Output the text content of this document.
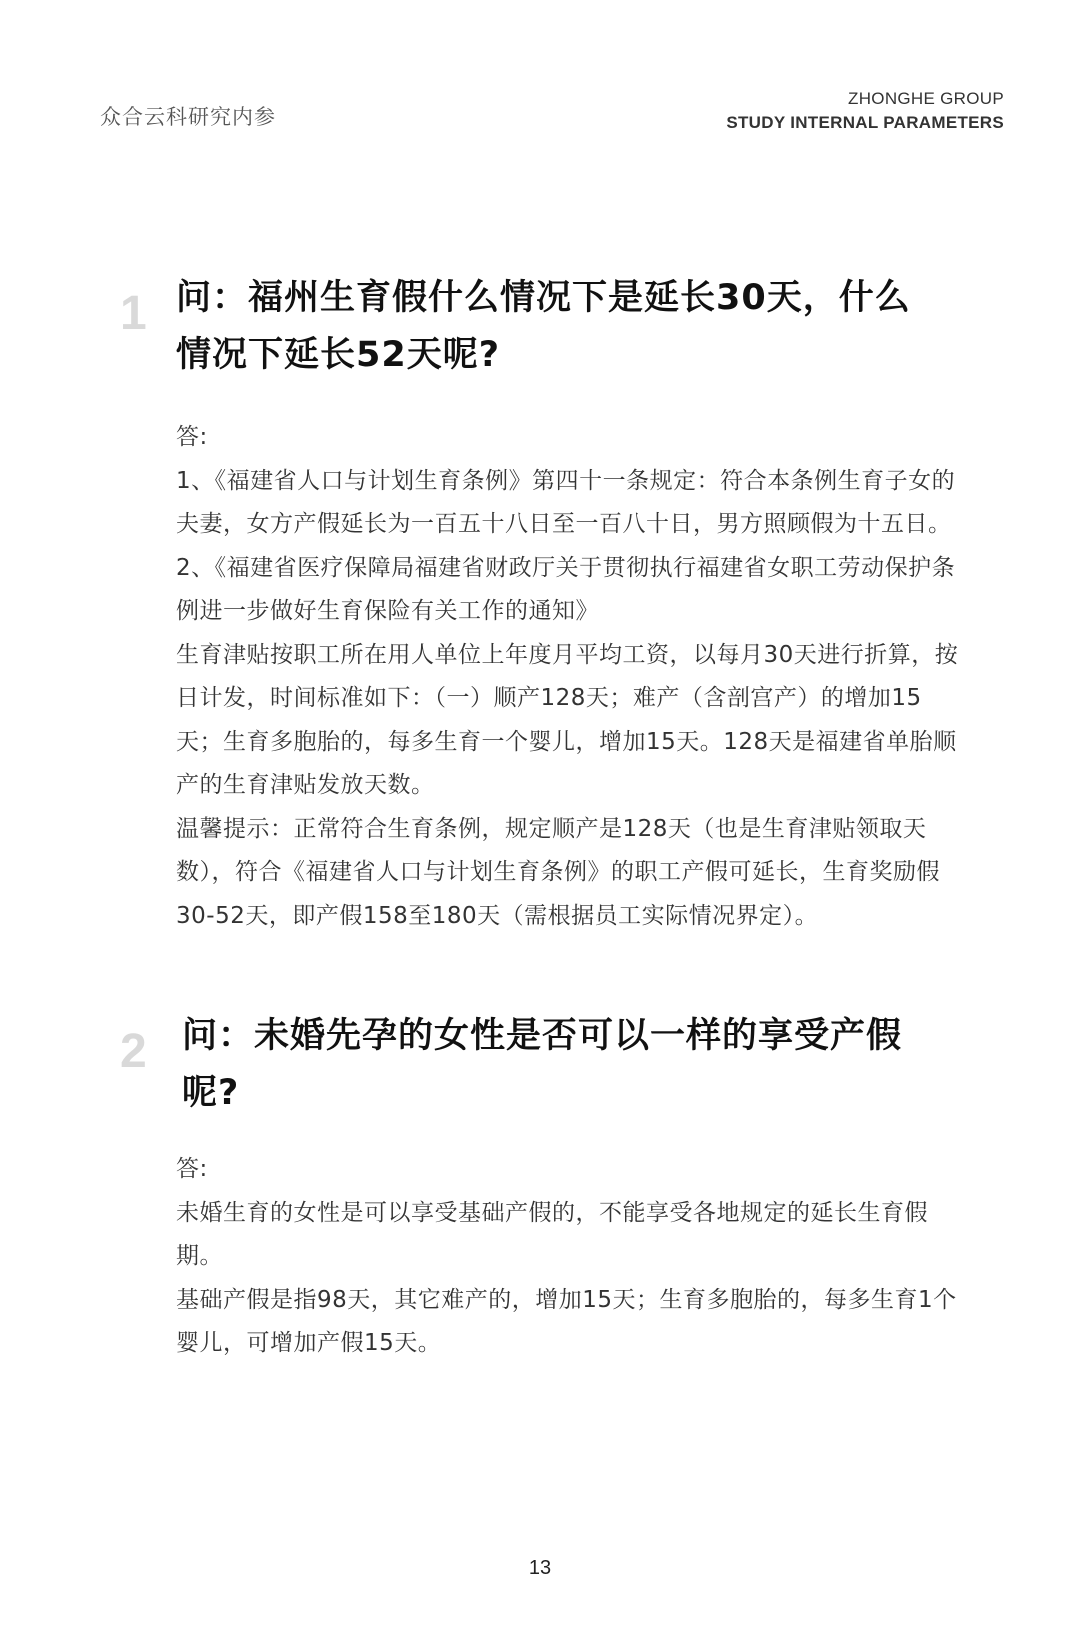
众合云科研究内参
ZHONGHE GROUP
STUDY INTERNAL PARAMETERS
1 问：福州生育假什么情况下是延长30天，什么情况下延长52天呢?

答:

1、《福建省人口与计划生育条例》第四十一条规定：符合本条例生育子女的夫妻，女方产假延长为一百五十八日至一百八十日，男方照顾假为十五日。

2、《福建省医疗保障局福建省财政厅关于贯彻执行福建省女职工劳动保护条例进一步做好生育保险有关工作的通知》

生育津贴按职工所在用人单位上年度月平均工资，以每月30天进行折算，按日计发，时间标准如下：（一）顺产128天；难产（含剖宫产）的增加15天；生育多胞胎的，每多生育一个婴儿，增加15天。128天是福建省单胎顺产的生育津贴发放天数。

温馨提示：正常符合生育条例，规定顺产是128天（也是生育津贴领取天数），符合《福建省人口与计划生育条例》的职工产假可延长，生育奖励假30-52天，即产假158至180天（需根据员工实际情况界定）。

2 问：未婚先孕的女性是否可以一样的享受产假呢?

答:

未婚生育的女性是可以享受基础产假的，不能享受各地规定的延长生育假期。

基础产假是指98天，其它难产的，增加15天；生育多胞胎的，每多生育1个婴儿，可增加产假15天。

13
